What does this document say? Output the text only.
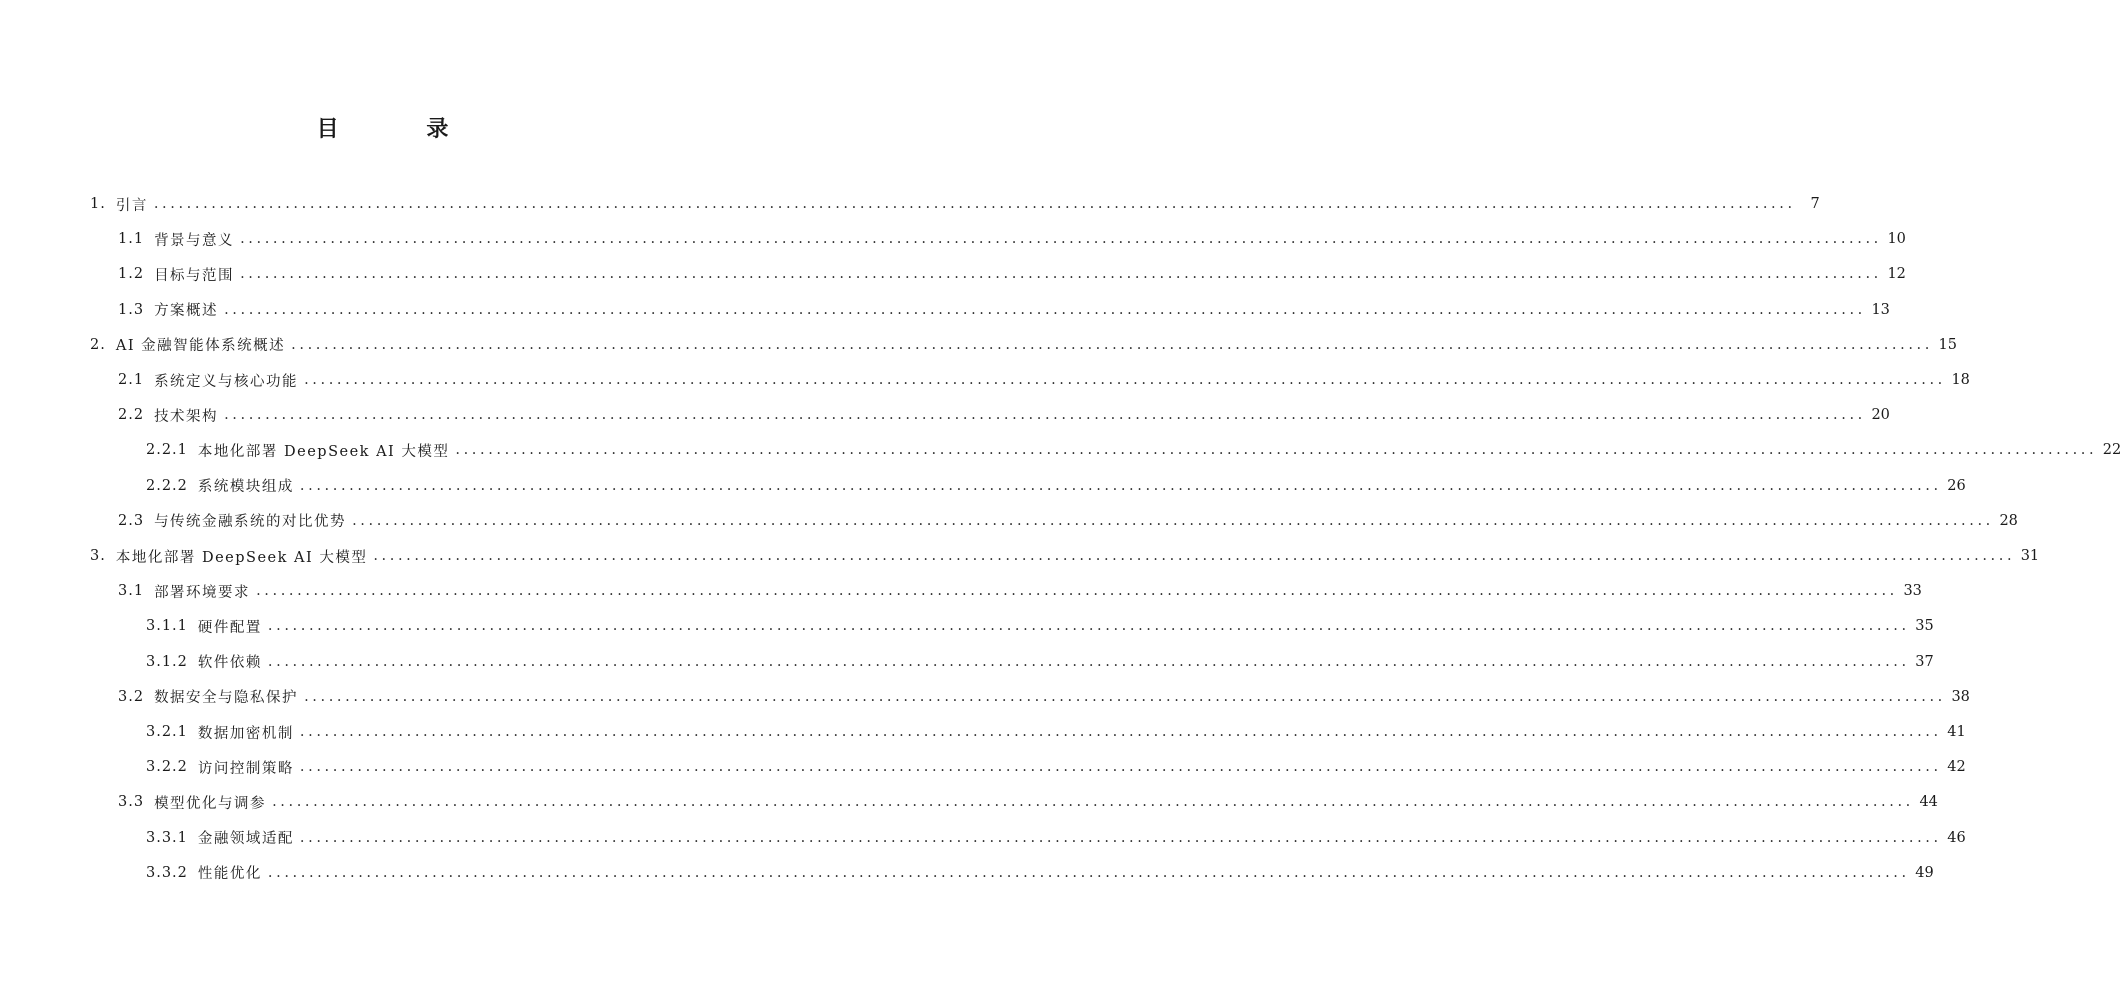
目 录
1. 引言 ........................................................................................................................................................................................................	7
1.1 背景与意义 ........................................................................................................................................................................................................ 10
1.2 目标与范围 ........................................................................................................................................................................................................ 12
1.3 方案概述 ........................................................................................................................................................................................................ 13
2. AI 金融智能体系统概述 ........................................................................................................................................................................................................ 15
2.1 系统定义与核心功能 ........................................................................................................................................................................................................ 18
2.2 技术架构 ........................................................................................................................................................................................................ 20
2.2.1 本地化部署 DeepSeek AI 大模型 ........................................................................................................................................................................................................ 22
2.2.2 系统模块组成 ........................................................................................................................................................................................................ 26
2.3 与传统金融系统的对比优势 ........................................................................................................................................................................................................ 28
3. 本地化部署 DeepSeek AI 大模型 ........................................................................................................................................................................................................ 31
3.1 部署环境要求 ........................................................................................................................................................................................................ 33
3.1.1 硬件配置 ........................................................................................................................................................................................................ 35
3.1.2 软件依赖 ........................................................................................................................................................................................................ 37
3.2 数据安全与隐私保护 ........................................................................................................................................................................................................ 38
3.2.1 数据加密机制 ........................................................................................................................................................................................................ 41
3.2.2 访问控制策略 ........................................................................................................................................................................................................ 42
3.3 模型优化与调参 ........................................................................................................................................................................................................ 44
3.3.1 金融领域适配 ........................................................................................................................................................................................................ 46
3.3.2 性能优化 ........................................................................................................................................................................................................ 49
